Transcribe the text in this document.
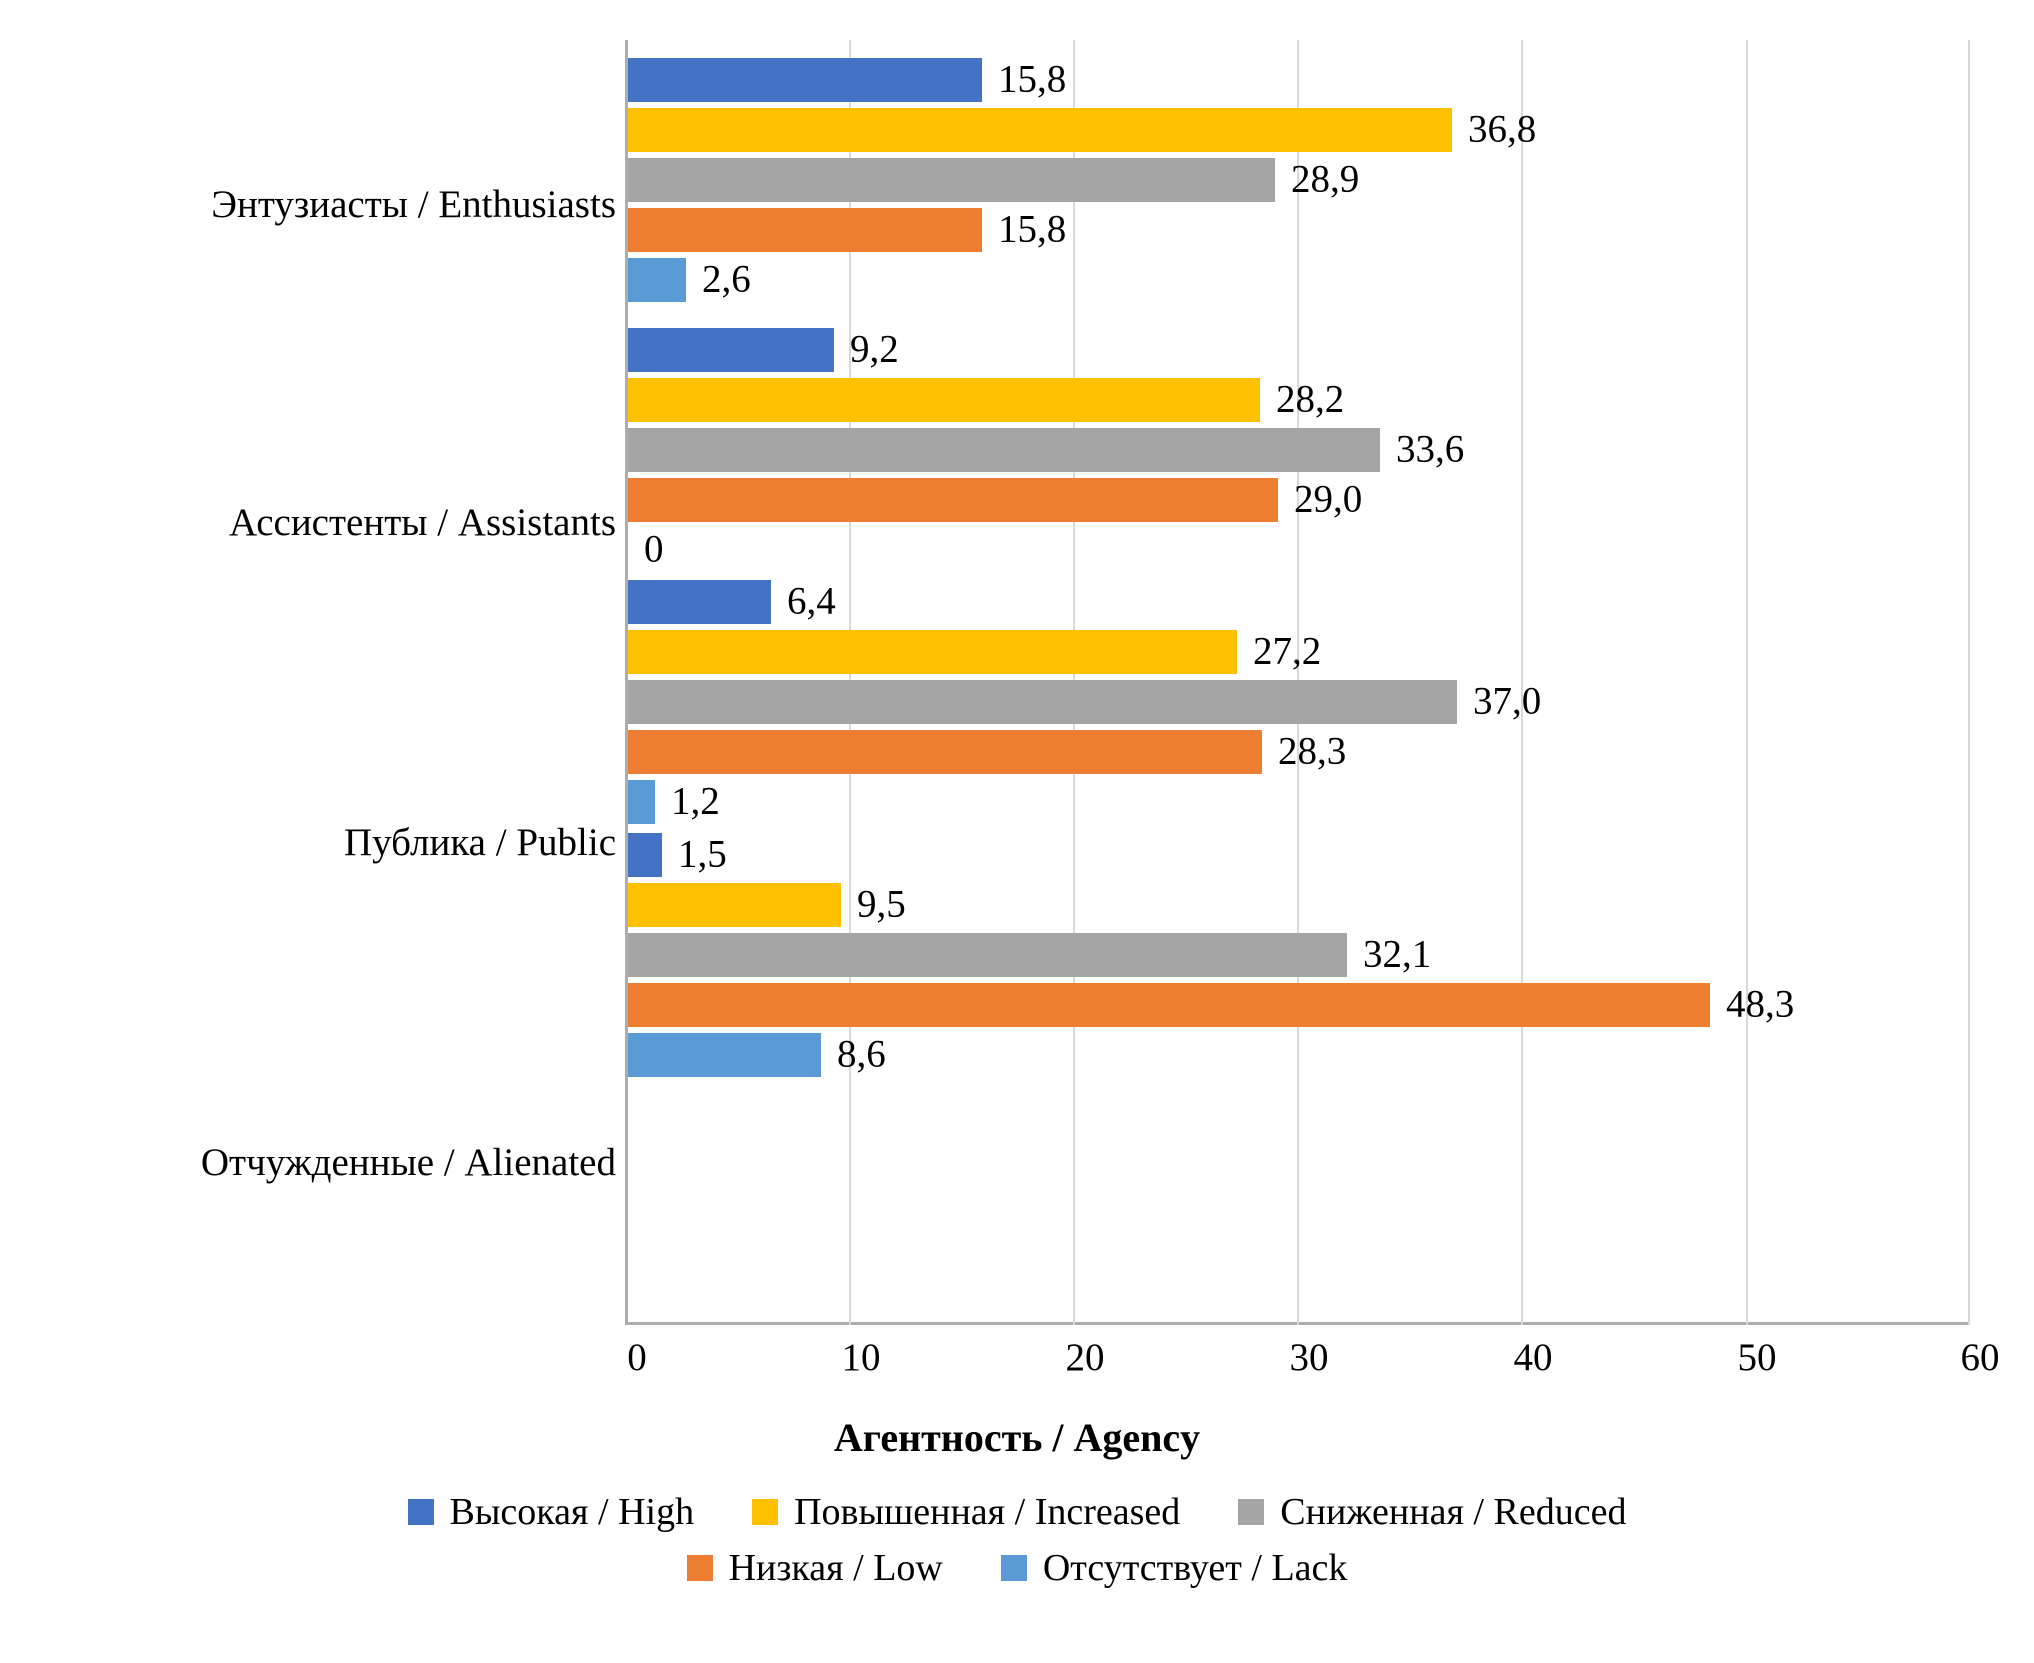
15,8
36,8
28,9
15,8
2,6
9,2
28,2
33,6
29,0
0
6,4
27,2
37,0
28,3
1,2
1,5
9,5
32,1
48,3
8,6
Энтузиасты / Enthusiasts
Ассистенты / Assistants
Публика / Public
Отчужденные / Alienated
0	10	20	30	40	50	60
Агентность / Agency
Высокая / High	Повышенная / Increased	Сниженная / Reduced
Низкая / Low	Отсутствует / Lack
